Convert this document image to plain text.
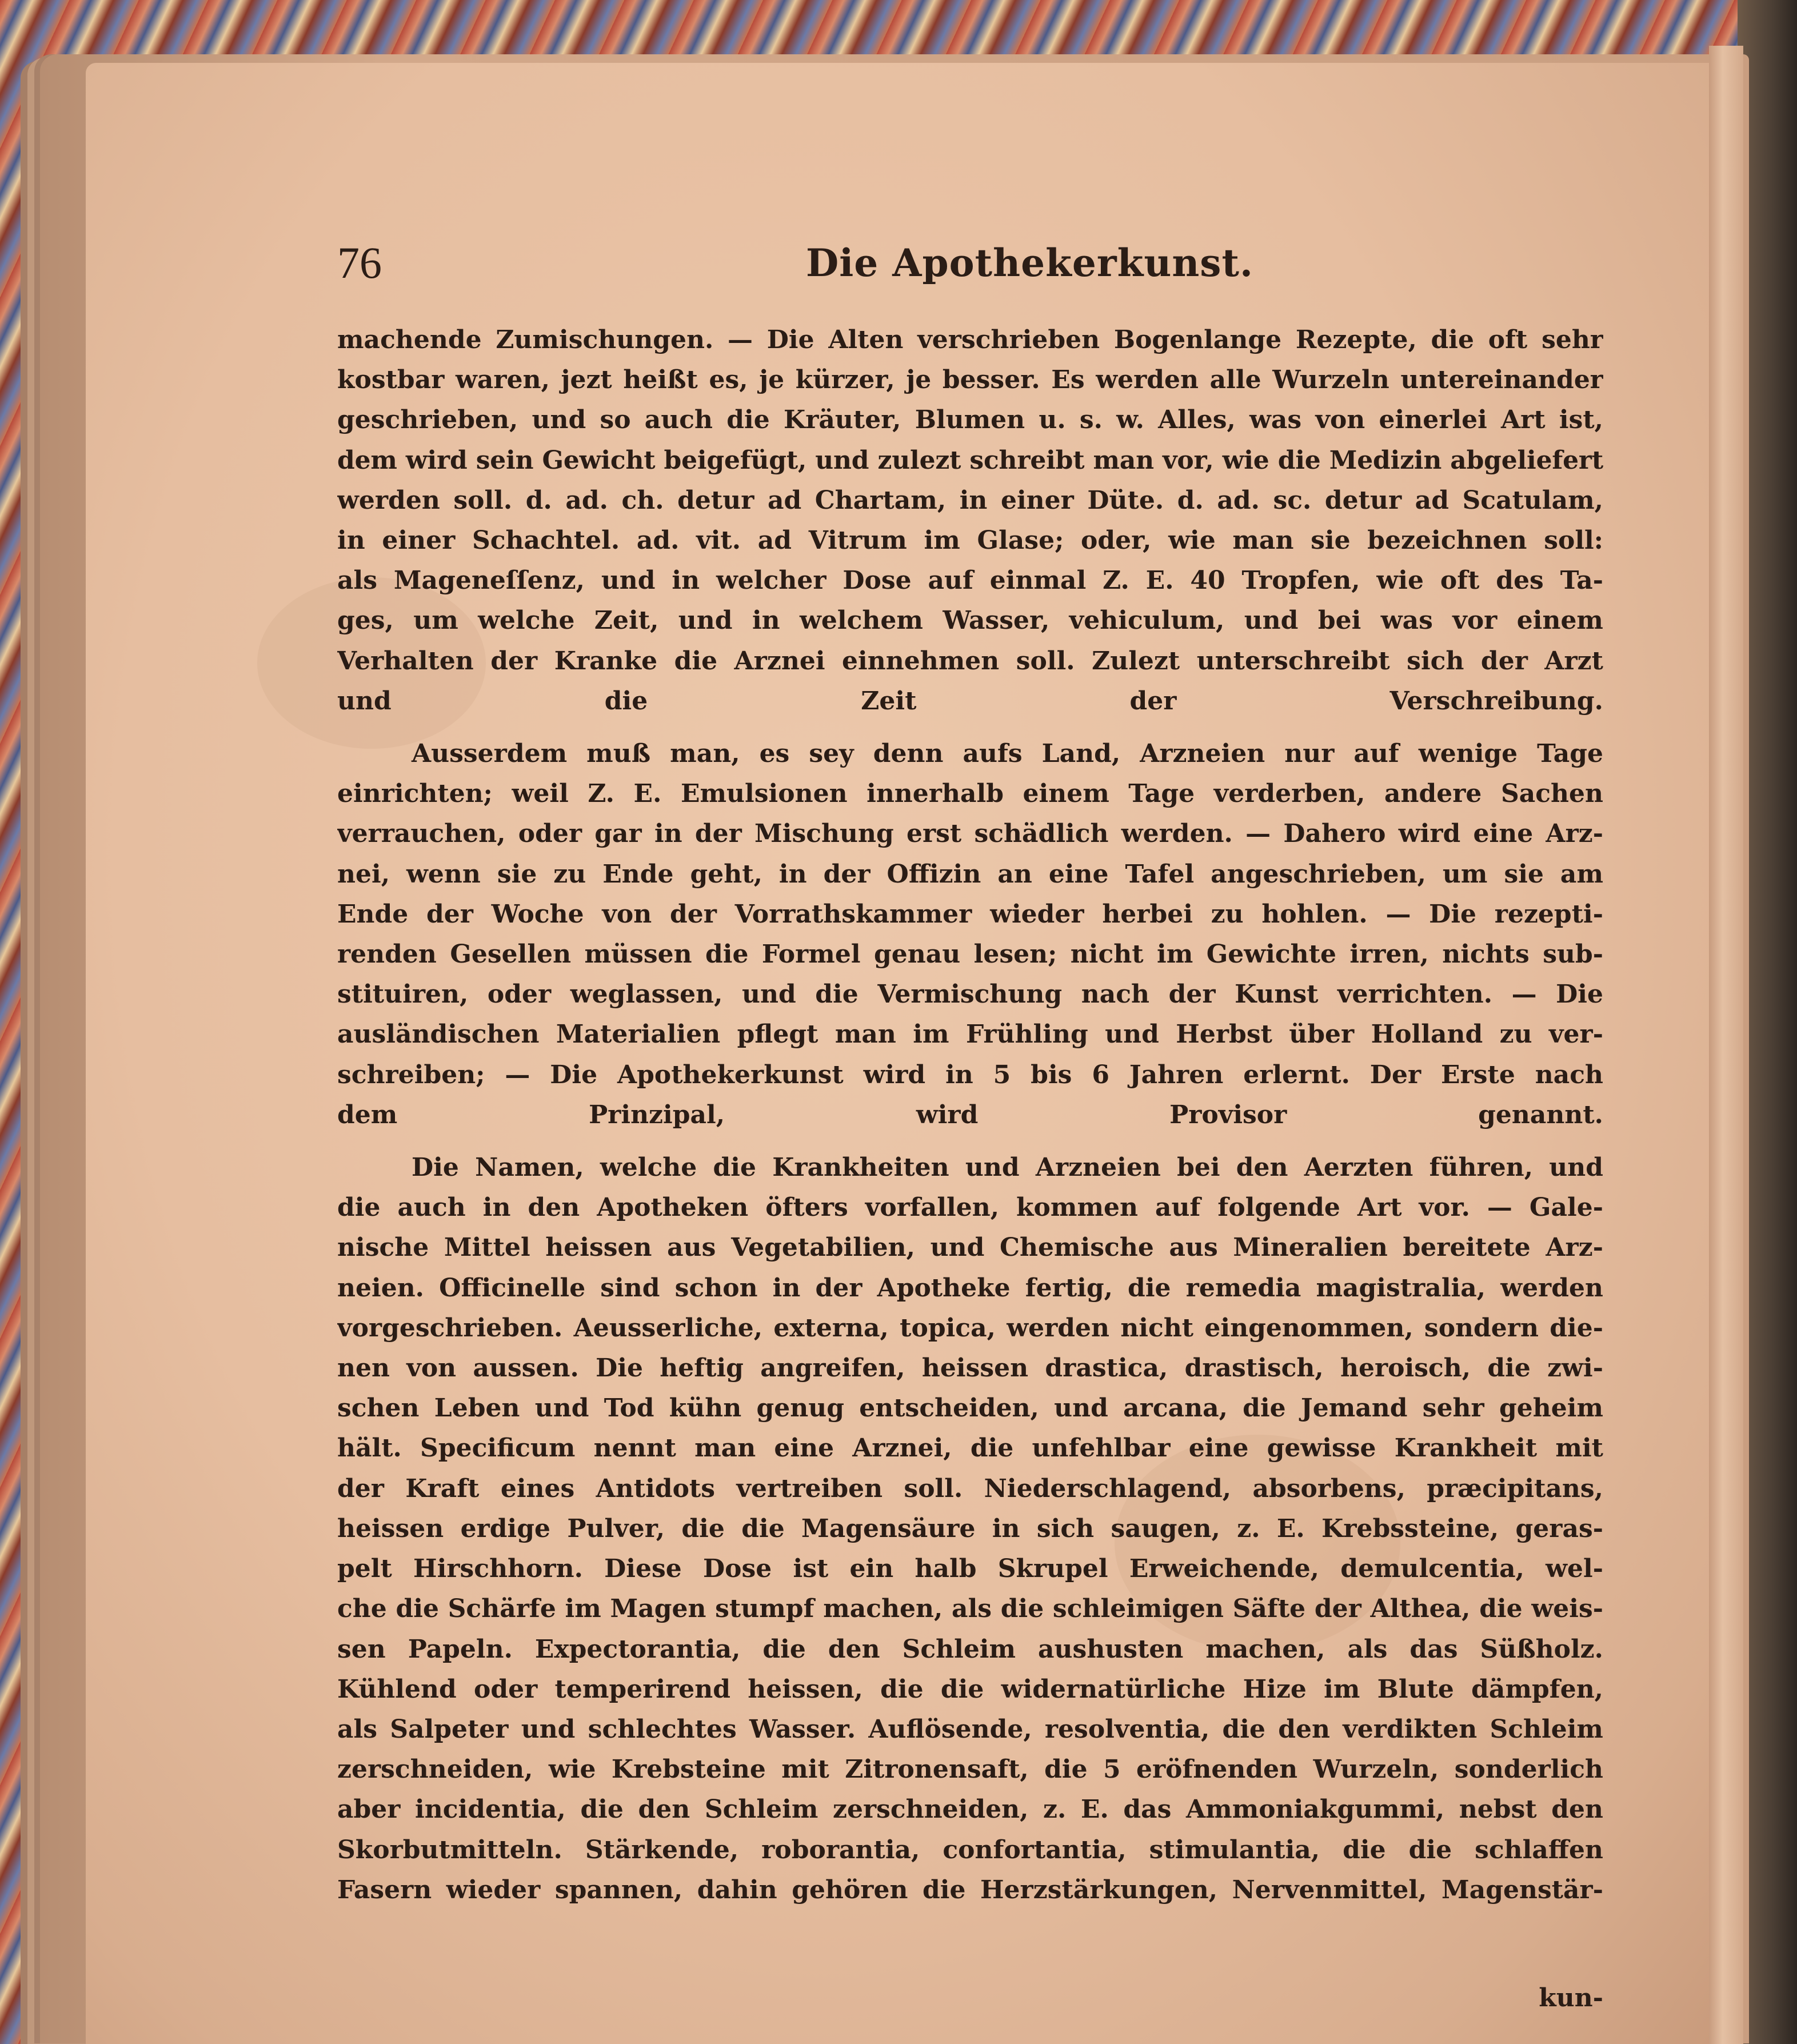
76	Die Apothekerkunst.

machende Zumischungen. — Die Alten verschrieben Bogenlange Rezepte, die oft sehr
kostbar waren, jezt heißt es, je kürzer, je besser. Es werden alle Wurzeln untereinander
geschrieben, und so auch die Kräuter, Blumen u. s. w. Alles, was von einerlei Art ist,
dem wird sein Gewicht beigefügt, und zulezt schreibt man vor, wie die Medizin abgeliefert
werden soll. d. ad. ch. detur ad Chartam, in einer Düte. d. ad. sc. detur ad Scatulam,
in einer Schachtel. ad. vit. ad Vitrum im Glase; oder, wie man sie bezeichnen soll:
als Mageneſſenz, und in welcher Dose auf einmal Z. E. 40 Tropfen, wie oft des Ta-
ges, um welche Zeit, und in welchem Wasser, vehiculum, und bei was vor einem
Verhalten der Kranke die Arznei einnehmen soll. Zulezt unterschreibt sich der Arzt
und die Zeit der Verschreibung.

Ausserdem muß man, es sey denn aufs Land, Arzneien nur auf wenige Tage
einrichten; weil Z. E. Emulsionen innerhalb einem Tage verderben, andere Sachen
verrauchen, oder gar in der Mischung erst schädlich werden. — Dahero wird eine Arz-
nei, wenn sie zu Ende geht, in der Offizin an eine Tafel angeschrieben, um sie am
Ende der Woche von der Vorrathskammer wieder herbei zu hohlen. — Die rezepti-
renden Gesellen müssen die Formel genau lesen; nicht im Gewichte irren, nichts sub-
stituiren, oder weglassen, und die Vermischung nach der Kunst verrichten. — Die
ausländischen Materialien pflegt man im Frühling und Herbst über Holland zu ver-
schreiben; — Die Apothekerkunst wird in 5 bis 6 Jahren erlernt. Der Erste nach
dem Prinzipal, wird Provisor genannt.

Die Namen, welche die Krankheiten und Arzneien bei den Aerzten führen, und
die auch in den Apotheken öfters vorfallen, kommen auf folgende Art vor. — Gale-
nische Mittel heissen aus Vegetabilien, und Chemische aus Mineralien bereitete Arz-
neien. Officinelle sind schon in der Apotheke fertig, die remedia magistralia, werden
vorgeschrieben. Aeusserliche, externa, topica, werden nicht eingenommen, sondern die-
nen von aussen. Die heftig angreifen, heissen drastica, drastisch, heroisch, die zwi-
schen Leben und Tod kühn genug entscheiden, und arcana, die Jemand sehr geheim
hält. Specificum nennt man eine Arznei, die unfehlbar eine gewisse Krankheit mit
der Kraft eines Antidots vertreiben soll. Niederschlagend, absorbens, præcipitans,
heissen erdige Pulver, die die Magensäure in sich saugen, z. E. Krebssteine, geras-
pelt Hirschhorn. Diese Dose ist ein halb Skrupel Erweichende, demulcentia, wel-
che die Schärfe im Magen stumpf machen, als die schleimigen Säfte der Althea, die weis-
sen Papeln. Expectorantia, die den Schleim aushusten machen, als das Süßholz.
Kühlend oder temperirend heissen, die die widernatürliche Hize im Blute dämpfen,
als Salpeter und schlechtes Wasser. Auflösende, resolventia, die den verdikten Schleim
zerschneiden, wie Krebsteine mit Zitronensaft, die 5 eröfnenden Wurzeln, sonderlich
aber incidentia, die den Schleim zerschneiden, z. E. das Ammoniakgummi, nebst den
Skorbutmitteln. Stärkende, roborantia, confortantia, stimulantia, die die schlaffen
Fasern wieder spannen, dahin gehören die Herzstärkungen, Nervenmittel, Magenstär-

kun-
